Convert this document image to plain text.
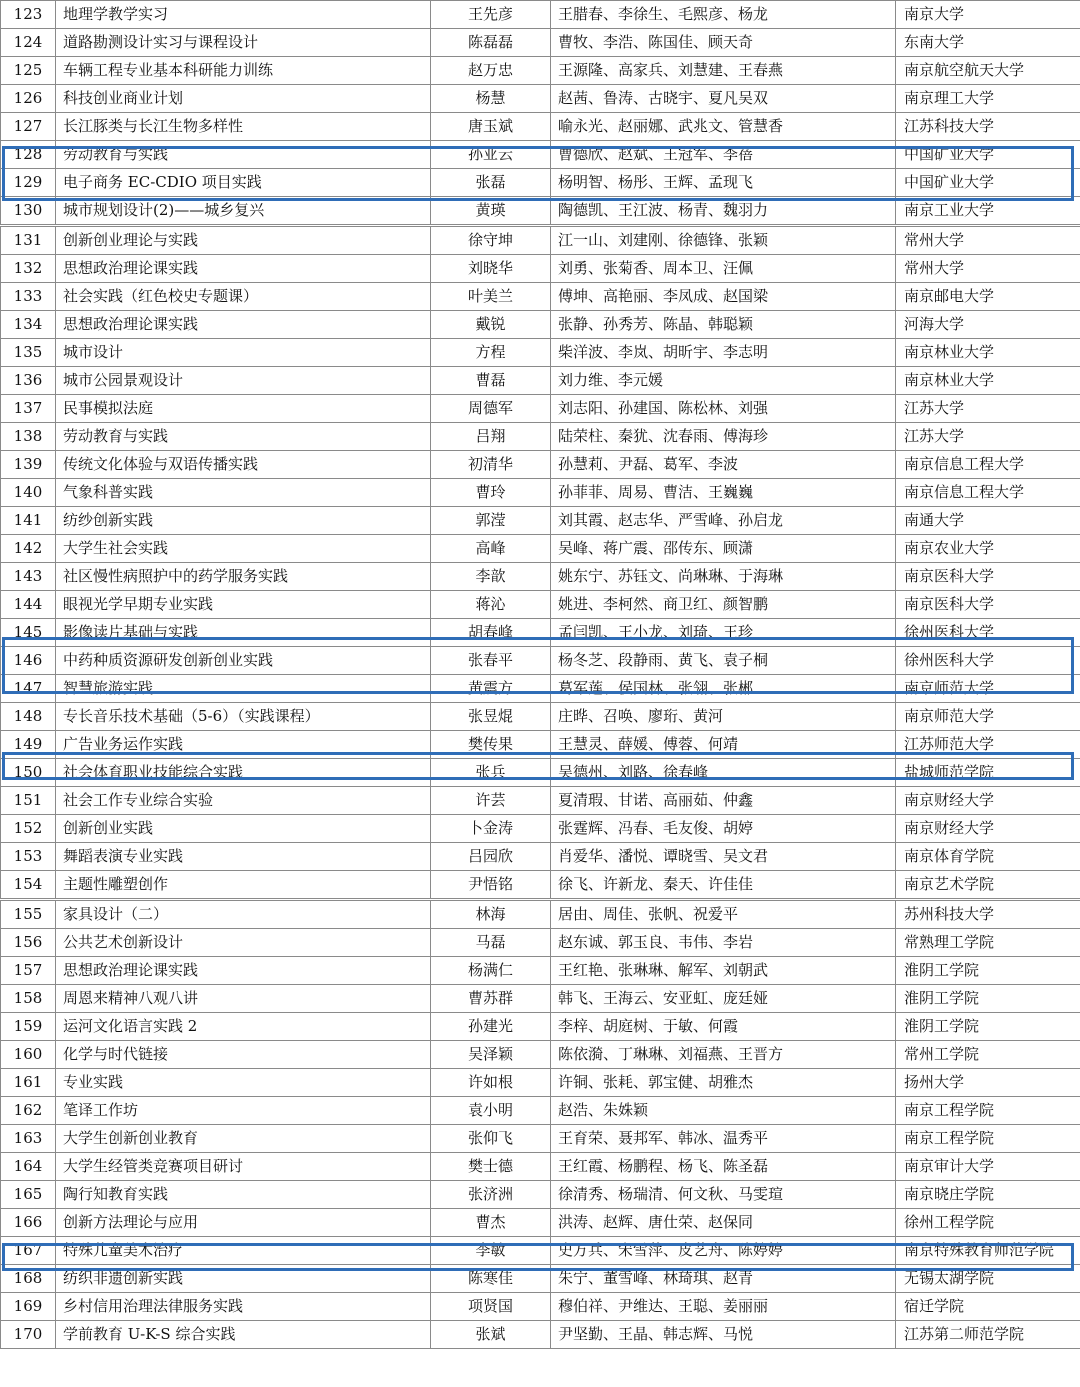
123	地理学教学实习	王先彦	王腊春、李徐生、毛熙彦、杨龙	南京大学
124	道路勘测设计实习与课程设计	陈磊磊	曹牧、李浩、陈国佳、顾天奇	东南大学
125	车辆工程专业基本科研能力训练	赵万忠	王源隆、高家兵、刘慧建、王春燕	南京航空航天大学
126	科技创业商业计划	杨慧	赵茜、鲁涛、古晓宇、夏凡吴双	南京理工大学
127	长江豚类与长江生物多样性	唐玉斌	喻永光、赵丽娜、武兆文、管慧香	江苏科技大学
128	劳动教育与实践	孙亚云	曹德欣、赵斌、王冠军、李蓓	中国矿业大学
129	电子商务 EC-CDIO 项目实践	张磊	杨明智、杨彤、王辉、孟现飞	中国矿业大学
130	城市规划设计(2)——城乡复兴	黄瑛	陶德凯、王江波、杨青、魏羽力	南京工业大学
131	创新创业理论与实践	徐守坤	江一山、刘建刚、徐德锋、张颖	常州大学
132	思想政治理论课实践	刘晓华	刘勇、张菊香、周本卫、汪佩	常州大学
133	社会实践（红色校史专题课）	叶美兰	傅坤、高艳丽、李凤成、赵国梁	南京邮电大学
134	思想政治理论课实践	戴锐	张静、孙秀芳、陈晶、韩聪颖	河海大学
135	城市设计	方程	柴洋波、李岚、胡昕宇、李志明	南京林业大学
136	城市公园景观设计	曹磊	刘力维、李元媛	南京林业大学
137	民事模拟法庭	周德军	刘志阳、孙建国、陈松林、刘强	江苏大学
138	劳动教育与实践	吕翔	陆荣柱、秦犹、沈春雨、傅海珍	江苏大学
139	传统文化体验与双语传播实践	初清华	孙慧莉、尹磊、葛军、李波	南京信息工程大学
140	气象科普实践	曹玲	孙菲菲、周易、曹洁、王巍巍	南京信息工程大学
141	纺纱创新实践	郭滢	刘其霞、赵志华、严雪峰、孙启龙	南通大学
142	大学生社会实践	高峰	吴峰、蒋广震、邵传东、顾潇	南京农业大学
143	社区慢性病照护中的药学服务实践	李歆	姚东宁、苏钰文、尚琳琳、于海琳	南京医科大学
144	眼视光学早期专业实践	蒋沁	姚进、李柯然、商卫红、颜智鹏	南京医科大学
145	影像读片基础与实践	胡春峰	孟闫凯、王小龙、刘琦、王珍	徐州医科大学
146	中药种质资源研发创新创业实践	张春平	杨冬芝、段静雨、黄飞、袁子桐	徐州医科大学
147	智慧旅游实践	黄震方	葛军莲、侯国林、张翎、张郴	南京师范大学
148	专长音乐技术基础（5-6）（实践课程）	张昱焜	庄晔、召唤、廖珩、黄河	南京师范大学
149	广告业务运作实践	樊传果	王慧灵、薛媛、傅蓉、何靖	江苏师范大学
150	社会体育职业技能综合实践	张兵	吴德州、刘路、徐春峰	盐城师范学院
151	社会工作专业综合实验	许芸	夏清瑕、甘诺、高丽茹、仲鑫	南京财经大学
152	创新创业实践	卜金涛	张霆辉、冯春、毛友俊、胡婷	南京财经大学
153	舞蹈表演专业实践	吕园欣	肖爱华、潘悦、谭晓雪、吴文君	南京体育学院
154	主题性雕塑创作	尹悟铭	徐飞、许新龙、秦天、许佳佳	南京艺术学院
155	家具设计（二）	林海	居由、周佳、张帆、祝爱平	苏州科技大学
156	公共艺术创新设计	马磊	赵东诚、郭玉良、韦伟、李岩	常熟理工学院
157	思想政治理论课实践	杨满仁	王红艳、张琳琳、解军、刘朝武	淮阴工学院
158	周恩来精神八观八讲	曹苏群	韩飞、王海云、安亚虹、庞廷娅	淮阴工学院
159	运河文化语言实践 2	孙建光	李梓、胡庭树、于敏、何霞	淮阴工学院
160	化学与时代链接	吴泽颖	陈依漪、丁琳琳、刘福燕、王晋方	常州工学院
161	专业实践	许如根	许铜、张耗、郭宝健、胡雅杰	扬州大学
162	笔译工作坊	袁小明	赵浩、朱姝颖	南京工程学院
163	大学生创新创业教育	张仰飞	王育荣、聂邦军、韩冰、温秀平	南京工程学院
164	大学生经管类竞赛项目研讨	樊士德	王红霞、杨鹏程、杨飞、陈圣磊	南京审计大学
165	陶行知教育实践	张济洲	徐清秀、杨瑞清、何文秋、马雯瑄	南京晓庄学院
166	创新方法理论与应用	曹杰	洪涛、赵辉、唐仕荣、赵保同	徐州工程学院
167	特殊儿童美术治疗	李敏	史万兵、宋雪萍、皮艺舟、陈婷婷	南京特殊教育师范学院
168	纺织非遗创新实践	陈寒佳	朱宁、董雪峰、林琦琪、赵青	无锡太湖学院
169	乡村信用治理法律服务实践	项贤国	穆伯祥、尹维达、王聪、姜丽丽	宿迁学院
170	学前教育 U-K-S 综合实践	张斌	尹坚勤、王晶、韩志辉、马悦	江苏第二师范学院
